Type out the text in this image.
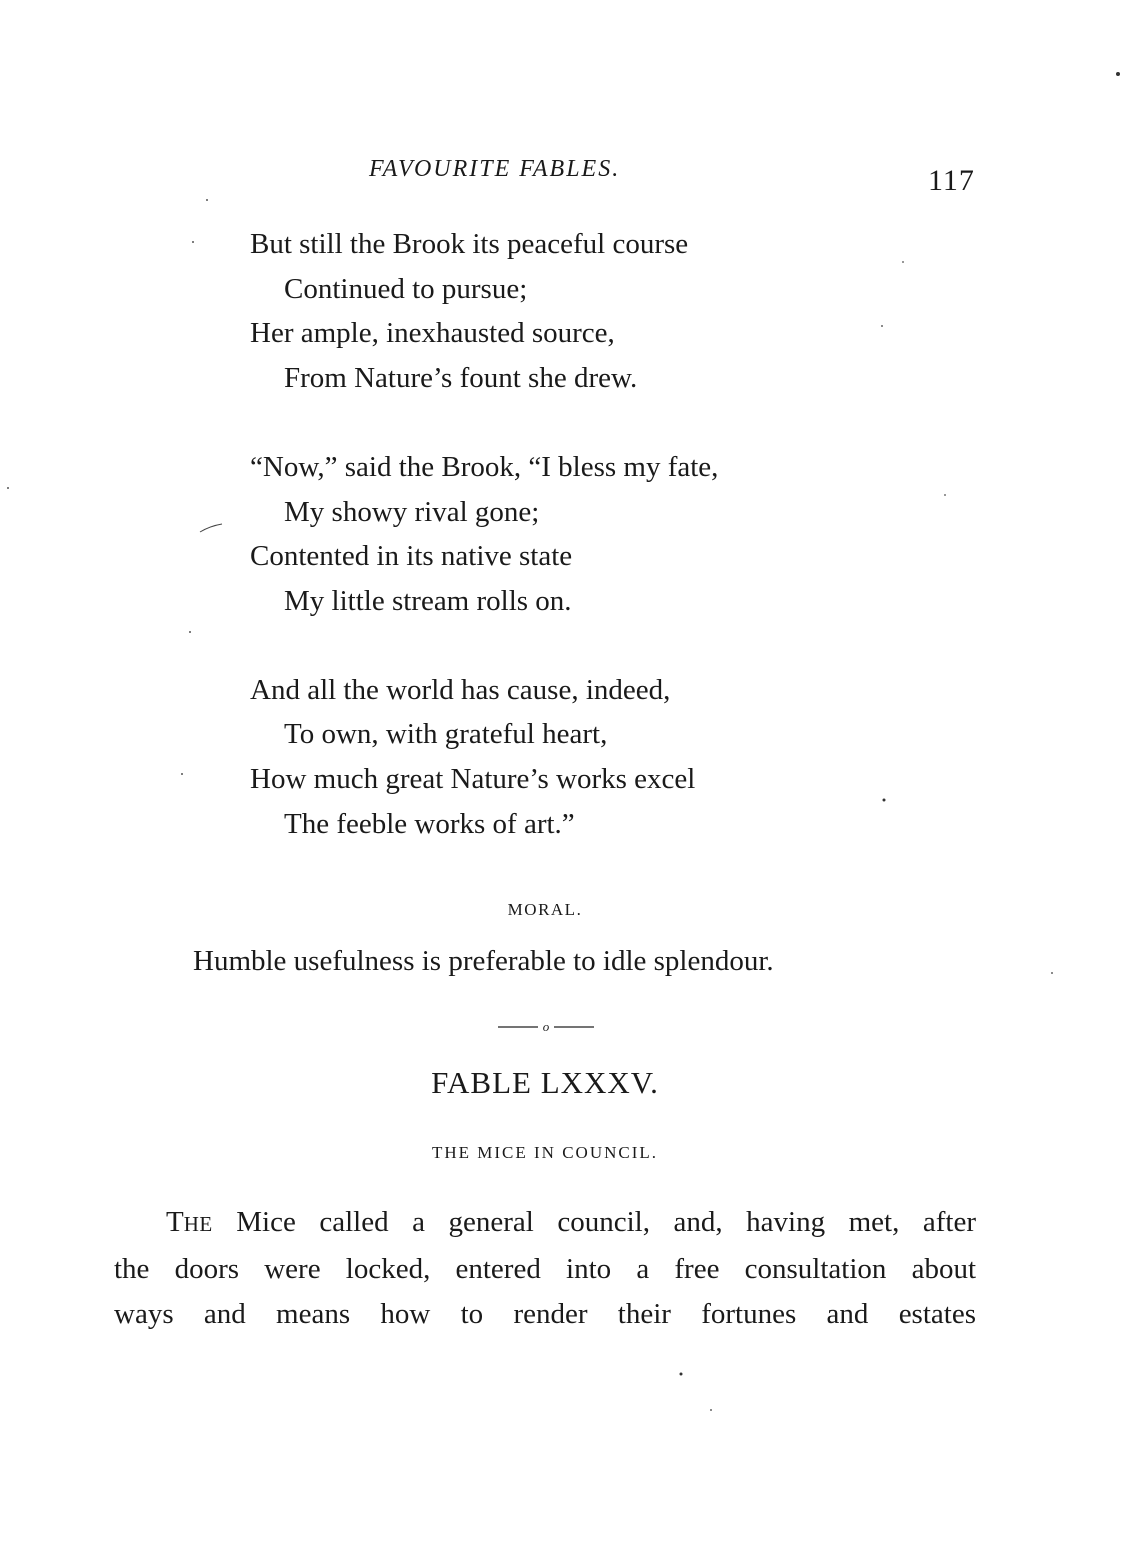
FAVOURITE FABLES.	117
But still the Brook its peaceful course
Continued to pursue;
Her ample, inexhausted source,
From Nature’s fount she drew.
“Now,” said the Brook, “I bless my fate,
My showy rival gone;
Contented in its native state
My little stream rolls on.
And all the world has cause, indeed,
To own, with grateful heart,
How much great Nature’s works excel
The feeble works of art.”
MORAL.
Humble usefulness is preferable to idle splendour.
o
FABLE LXXXV.
THE MICE IN COUNCIL.
THE Mice called a general council, and, having met, after
the doors were locked, entered into a free consultation about
ways and means how to render their fortunes and estates
